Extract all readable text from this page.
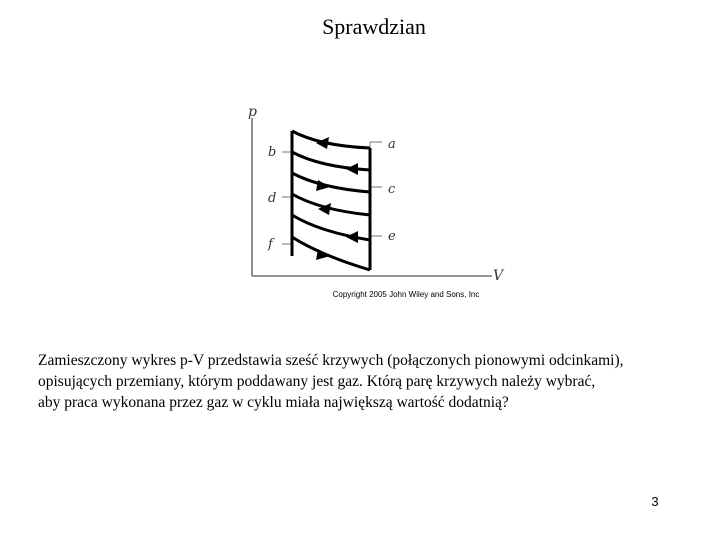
Sprawdzian
p
V
a
b
c
d
e
f
Copyright 2005 John Wiley and Sons, Inc

Zamieszczony wykres p-V przedstawia sześć krzywych (połączonych pionowymi odcinkami),

opisujących przemiany, którym poddawany jest gaz. Którą parę krzywych należy wybrać,

aby praca wykonana przez gaz w cyklu miała największą wartość dodatnią?

3
